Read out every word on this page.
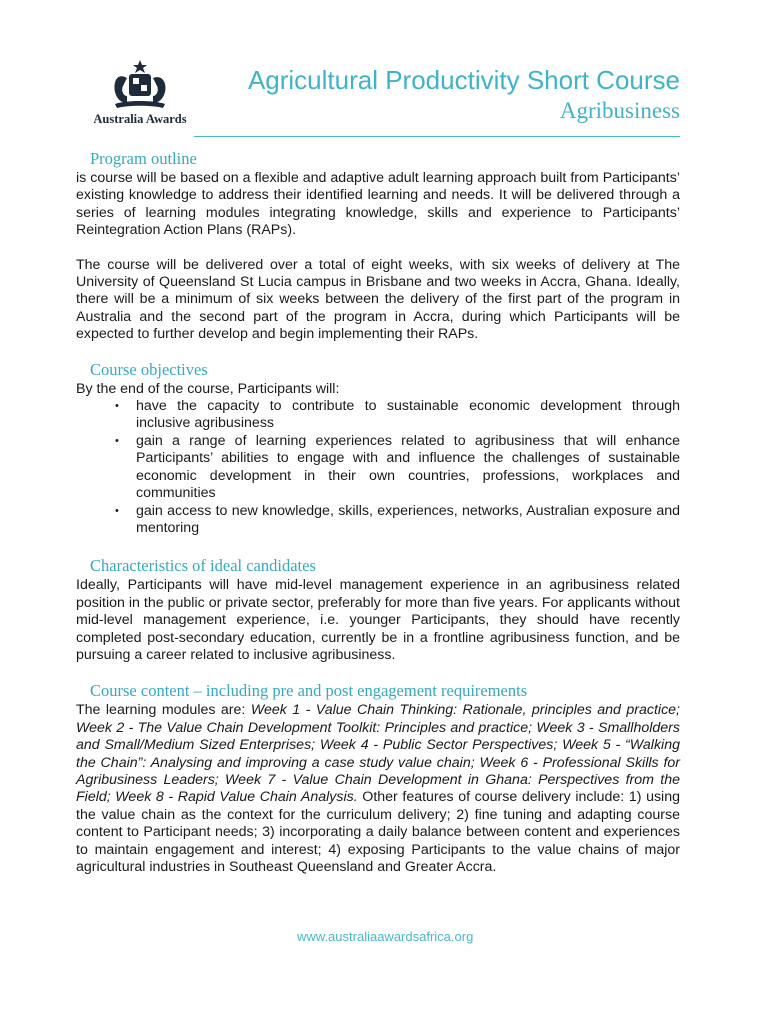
Australia Awards
Agricultural Productivity Short Course
Agribusiness
Program outline

is course will be based on a flexible and adaptive adult learning approach built from Participants’ existing knowledge to address their identified learning and needs. It will be delivered through a series of learning modules integrating knowledge, skills and experience to Participants’ Reintegration Action Plans (RAPs).

The course will be delivered over a total of eight weeks, with six weeks of delivery at The University of Queensland St Lucia campus in Brisbane and two weeks in Accra, Ghana. Ideally, there will be a minimum of six weeks between the delivery of the first part of the program in Australia and the second part of the program in Accra, during which Participants will be expected to further develop and begin implementing their RAPs.

Course objectives

By the end of the course, Participants will:

• have the capacity to contribute to sustainable economic development through inclusive agribusiness
• gain a range of learning experiences related to agribusiness that will enhance Participants’ abilities to engage with and influence the challenges of sustainable economic development in their own countries, professions, workplaces and communities
• gain access to new knowledge, skills, experiences, networks, Australian exposure and mentoring
Characteristics of ideal candidates

Ideally, Participants will have mid-level management experience in an agribusiness related position in the public or private sector, preferably for more than five years. For applicants without mid-level management experience, i.e. younger Participants, they should have recently completed post-secondary education, currently be in a frontline agribusiness function, and be pursuing a career related to inclusive agribusiness.

Course content – including pre and post engagement requirements

The learning modules are: Week 1 - Value Chain Thinking: Rationale, principles and practice; Week 2 - The Value Chain Development Toolkit: Principles and practice; Week 3 - Smallholders and Small/Medium Sized Enterprises; Week 4 - Public Sector Perspectives; Week 5 - “Walking the Chain”: Analysing and improving a case study value chain; Week 6 - Professional Skills for Agribusiness Leaders; Week 7 - Value Chain Development in Ghana: Perspectives from the Field; Week 8 - Rapid Value Chain Analysis. Other features of course delivery include: 1) using the value chain as the context for the curriculum delivery; 2) fine tuning and adapting course content to Participant needs; 3) incorporating a daily balance between content and experiences to maintain engagement and interest; 4) exposing Participants to the value chains of major agricultural industries in Southeast Queensland and Greater Accra.

www.australiaawardsafrica.org
